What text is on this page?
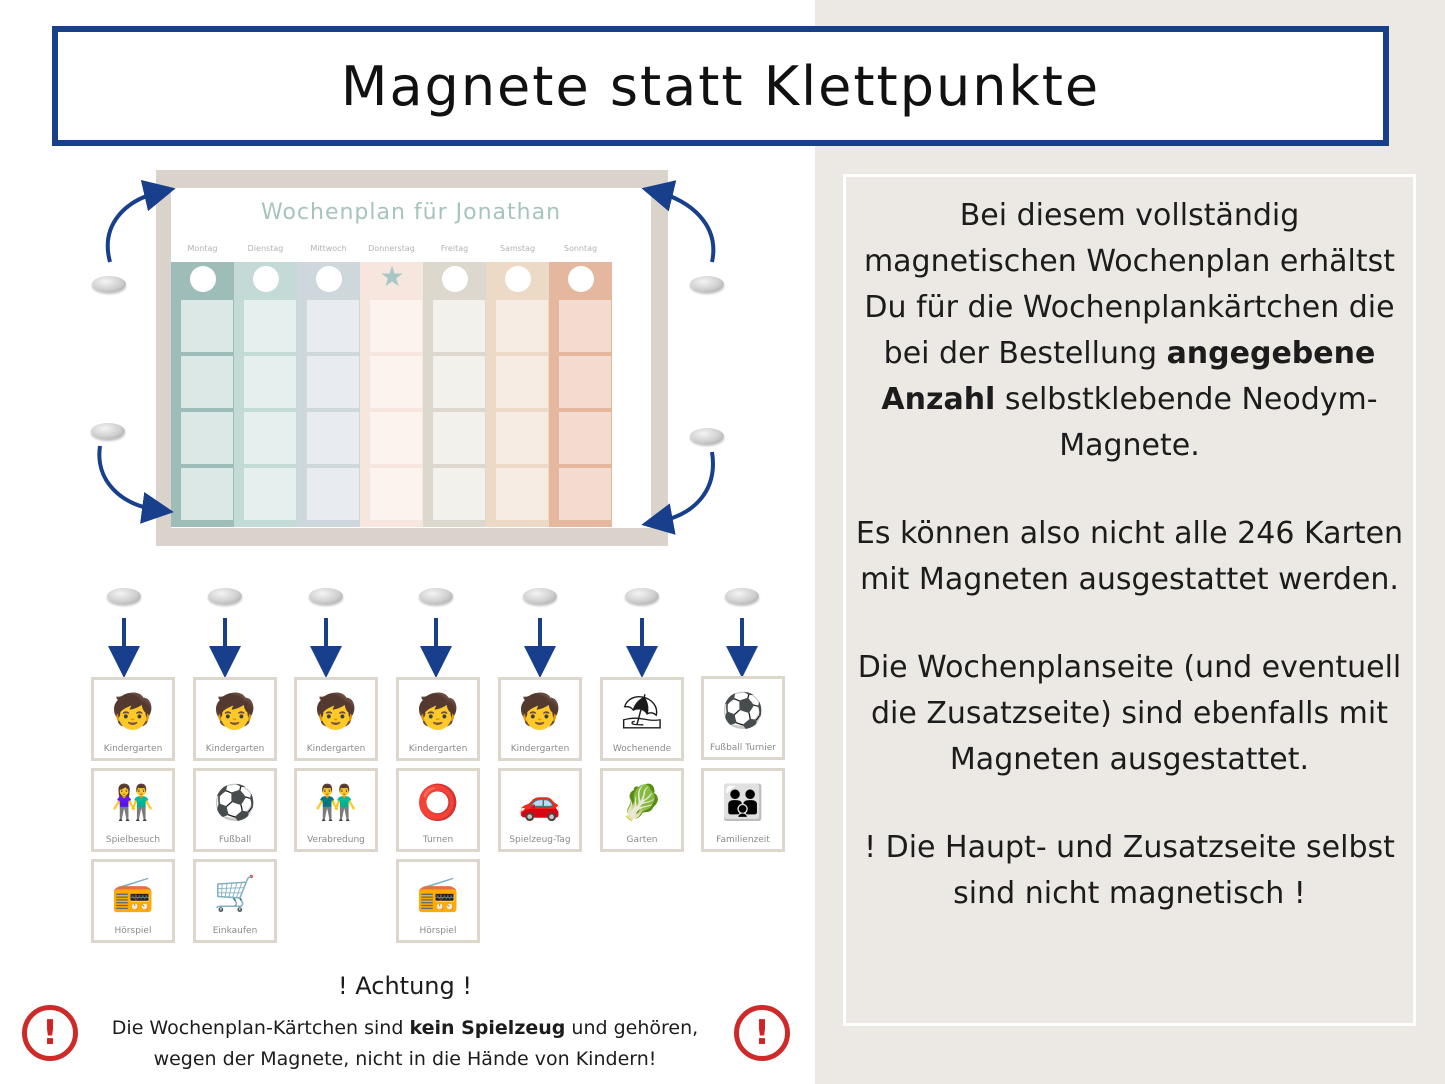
Magnete statt Klettpunkte
Wochenplan für Jonathan
Montag	Dienstag	Mittwoch	Donnerstag	Freitag	Samstag	Sonntag
★
🧒
Kindergarten
🧒
Kindergarten
🧒
Kindergarten
🧒
Kindergarten
🧒
Kindergarten
⛱
Wochenende
⚽
Fußball Turnier
👫
Spielbesuch
⚽
Fußball
👬
Verabredung
⭕
Turnen
🚗
Spielzeug-Tag
🥬
Garten
👪
Familienzeit
📻
Hörspiel
🛒
Einkaufen
📻
Hörspiel

Bei diesem vollständig magnetischen Wochenplan erhältst Du für die Wochenplankärtchen die bei der Bestellung angegebene Anzahl selbstklebende Neodym-Magnete.

Es können also nicht alle 246 Karten mit Magneten ausgestattet werden.

Die Wochenplanseite (und eventuell die Zusatzseite) sind ebenfalls mit Magneten ausgestattet.

! Die Haupt- und Zusatzseite selbst sind nicht magnetisch !

! Achtung !
Die Wochenplan-Kärtchen sind kein Spielzeug und gehören,
wegen der Magnete, nicht in die Hände von Kindern!
!	!
